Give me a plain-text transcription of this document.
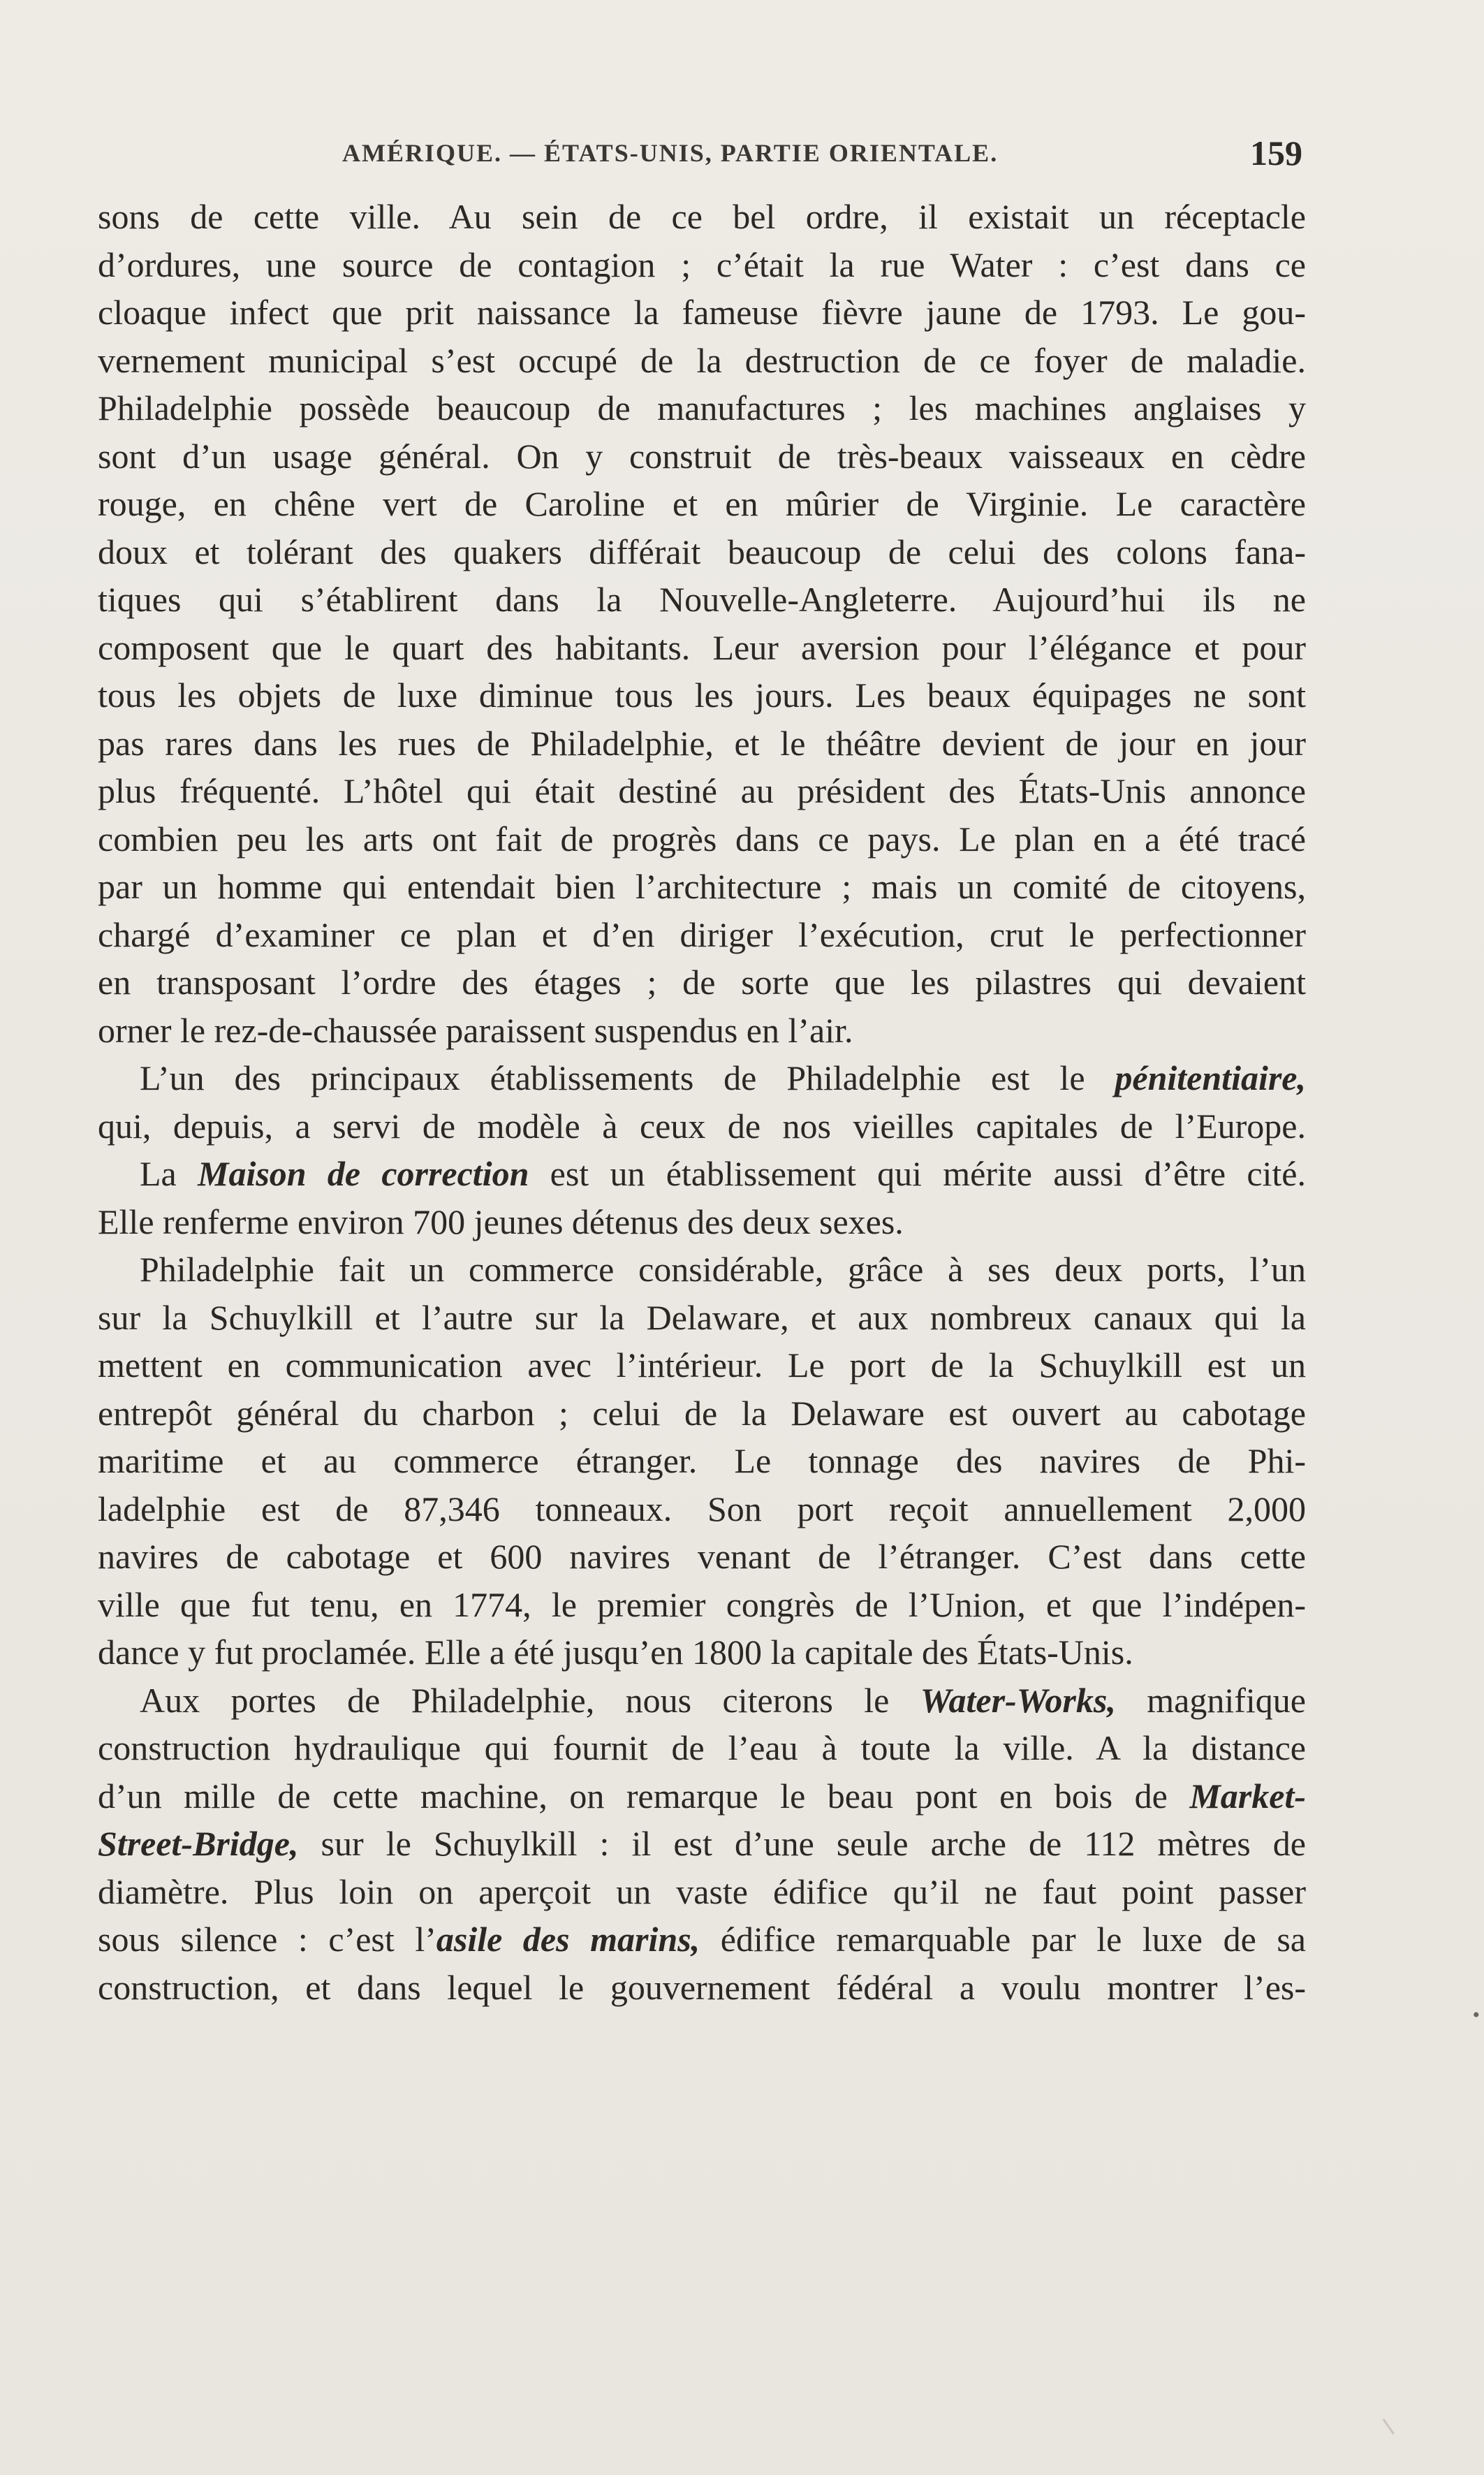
AMÉRIQUE. — ÉTATS-UNIS, PARTIE ORIENTALE.	159
sons de cette ville. Au sein de ce bel ordre, il existait un réceptacle
d’ordures, une source de contagion ; c’était la rue Water : c’est dans ce
cloaque infect que prit naissance la fameuse fièvre jaune de 1793. Le gou-
vernement municipal s’est occupé de la destruction de ce foyer de maladie.
Philadelphie possède beaucoup de manufactures ; les machines anglaises y
sont d’un usage général. On y construit de très-beaux vaisseaux en cèdre
rouge, en chêne vert de Caroline et en mûrier de Virginie. Le caractère
doux et tolérant des quakers différait beaucoup de celui des colons fana-
tiques qui s’établirent dans la Nouvelle-Angleterre. Aujourd’hui ils ne
composent que le quart des habitants. Leur aversion pour l’élégance et pour
tous les objets de luxe diminue tous les jours. Les beaux équipages ne sont
pas rares dans les rues de Philadelphie, et le théâtre devient de jour en jour
plus fréquenté. L’hôtel qui était destiné au président des États-Unis annonce
combien peu les arts ont fait de progrès dans ce pays. Le plan en a été tracé
par un homme qui entendait bien l’architecture ; mais un comité de citoyens,
chargé d’examiner ce plan et d’en diriger l’exécution, crut le perfectionner
en transposant l’ordre des étages ; de sorte que les pilastres qui devaient
orner le rez-de-chaussée paraissent suspendus en l’air.
L’un des principaux établissements de Philadelphie est le pénitentiaire,
qui, depuis, a servi de modèle à ceux de nos vieilles capitales de l’Europe.
La Maison de correction est un établissement qui mérite aussi d’être cité.
Elle renferme environ 700 jeunes détenus des deux sexes.
Philadelphie fait un commerce considérable, grâce à ses deux ports, l’un
sur la Schuylkill et l’autre sur la Delaware, et aux nombreux canaux qui la
mettent en communication avec l’intérieur. Le port de la Schuylkill est un
entrepôt général du charbon ; celui de la Delaware est ouvert au cabotage
maritime et au commerce étranger. Le tonnage des navires de Phi-
ladelphie est de 87,346 tonneaux. Son port reçoit annuellement 2,000
navires de cabotage et 600 navires venant de l’étranger. C’est dans cette
ville que fut tenu, en 1774, le premier congrès de l’Union, et que l’indépen-
dance y fut proclamée. Elle a été jusqu’en 1800 la capitale des États-Unis.
Aux portes de Philadelphie, nous citerons le Water-Works, magnifique
construction hydraulique qui fournit de l’eau à toute la ville. A la distance
d’un mille de cette machine, on remarque le beau pont en bois de Market-
Street-Bridge, sur le Schuylkill : il est d’une seule arche de 112 mètres de
diamètre. Plus loin on aperçoit un vaste édifice qu’il ne faut point passer
sous silence : c’est l’asile des marins, édifice remarquable par le luxe de sa
construction, et dans lequel le gouvernement fédéral a voulu montrer l’es-
•
